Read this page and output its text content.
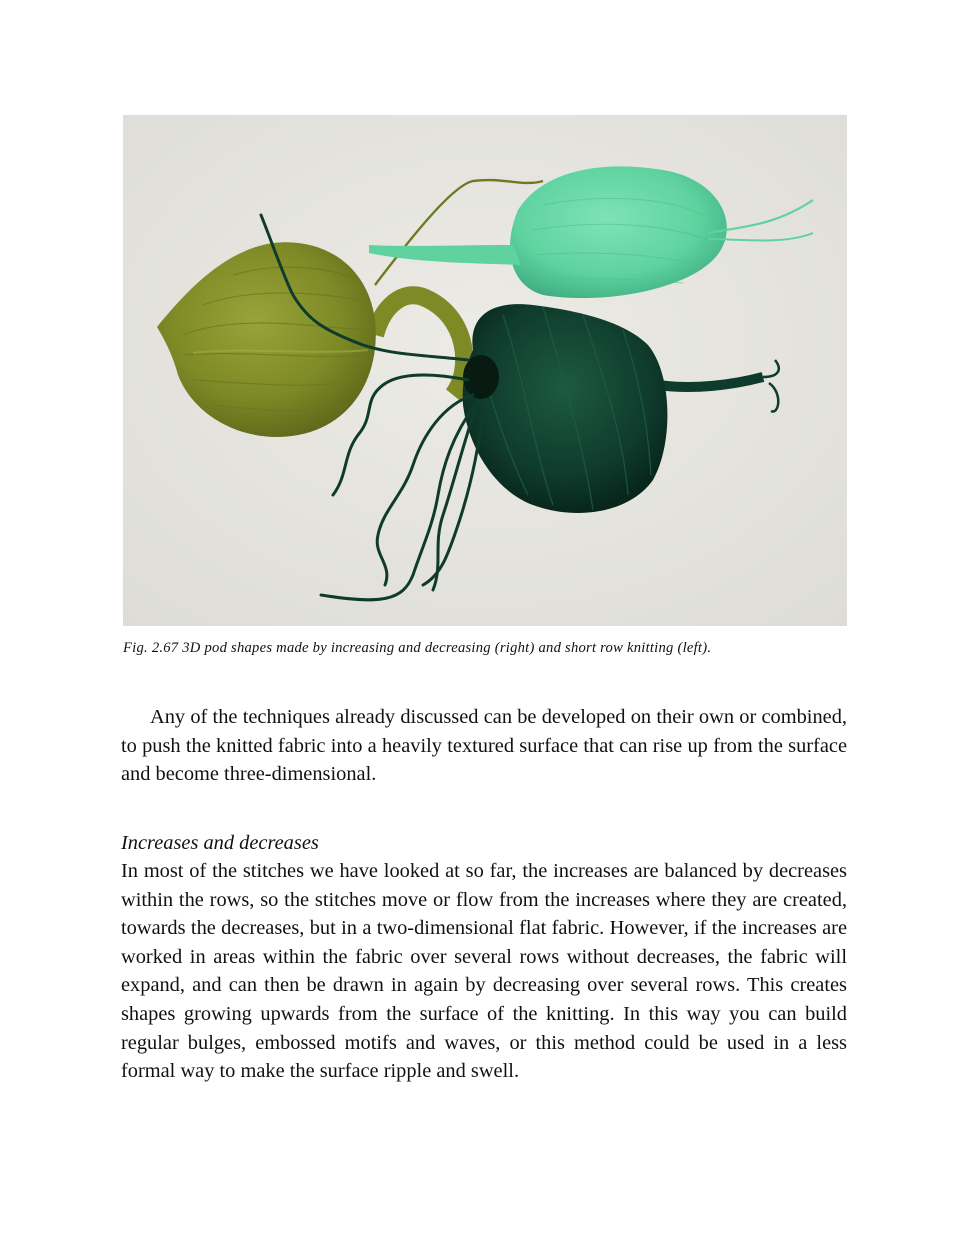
Fig. 2.67 3D pod shapes made by increasing and decreasing (right) and short row knitting (left).

Any of the techniques already discussed can be developed on their own or combined, to push the knitted fabric into a heavily textured surface that can rise up from the surface and become three-dimensional.

Increases and decreases

In most of the stitches we have looked at so far, the increases are balanced by decreases within the rows, so the stitches move or flow from the increases where they are created, towards the decreases, but in a two-dimensional flat fabric. However, if the increases are worked in areas within the fabric over several rows without decreases, the fabric will expand, and can then be drawn in again by decreasing over several rows. This creates shapes growing upwards from the surface of the knitting. In this way you can build regular bulges, embossed motifs and waves, or this method could be used in a less formal way to make the surface ripple and swell.
